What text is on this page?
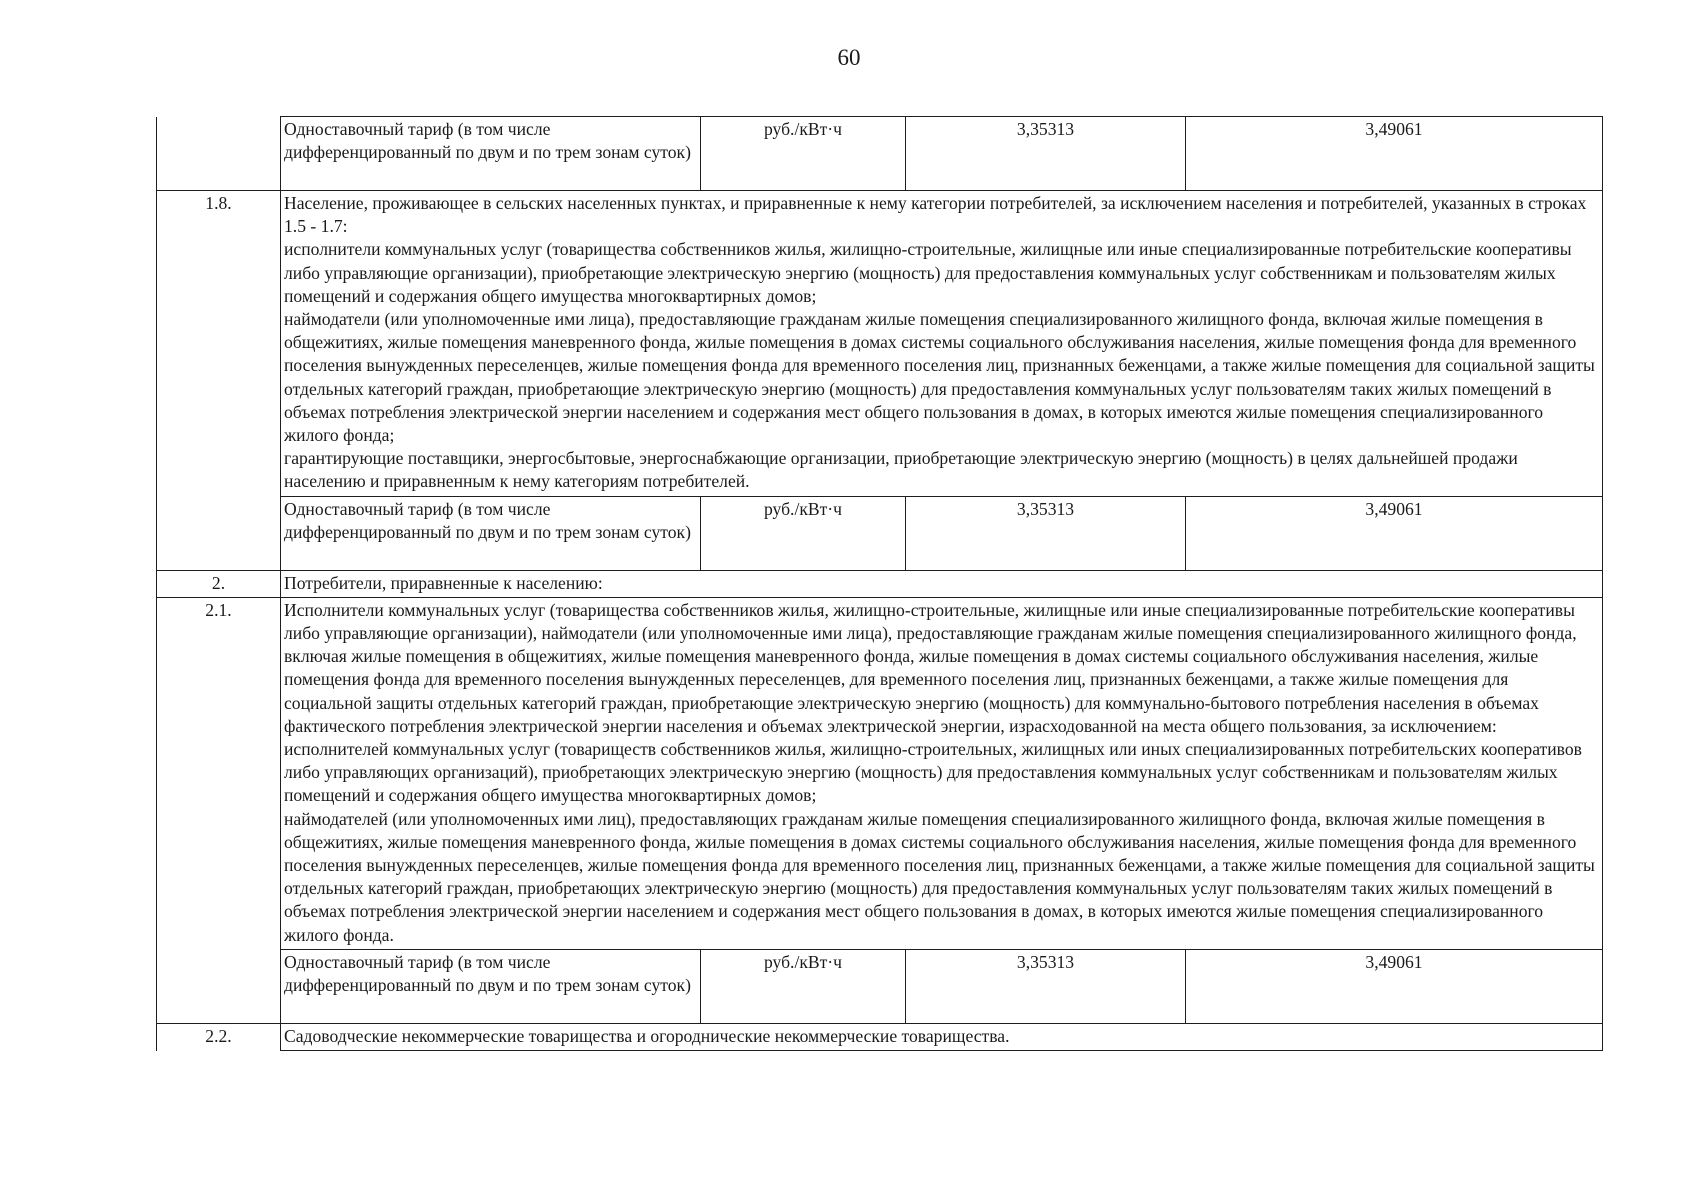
60
	Одноставочный тариф (в том числе дифференцированный по двум и по трем зонам суток)	руб./кВт·ч	3,35313	3,49061
1.8.	Население, проживающее в сельских населенных пунктах, и приравненные к нему категории потребителей, за исключением населения и потребителей, указанных в строках 1.5 - 1.7:

исполнители коммунальных услуг (товарищества собственников жилья, жилищно-строительные, жилищные или иные специализированные потребительские кооперативы либо управляющие организации), приобретающие электрическую энергию (мощность) для предоставления коммунальных услуг собственникам и пользователям жилых помещений и содержания общего имущества многоквартирных домов;

наймодатели (или уполномоченные ими лица), предоставляющие гражданам жилые помещения специализированного жилищного фонда, включая жилые помещения в общежитиях, жилые помещения маневренного фонда, жилые помещения в домах системы социального обслуживания населения, жилые помещения фонда для временного поселения вынужденных переселенцев, жилые помещения фонда для временного поселения лиц, признанных беженцами, а также жилые помещения для социальной защиты отдельных категорий граждан, приобретающие электрическую энергию (мощность) для предоставления коммунальных услуг пользователям таких жилых помещений в объемах потребления электрической энергии населением и содержания мест общего пользования в домах, в которых имеются жилые помещения специализированного жилого фонда;

гарантирующие поставщики, энергосбытовые, энергоснабжающие организации, приобретающие электрическую энергию (мощность) в целях дальнейшей продажи населению и приравненным к нему категориям потребителей.			

	Одноставочный тариф (в том числе дифференцированный по двум и по трем зонам суток)	руб./кВт·ч	3,35313	3,49061
2.	Потребители, приравненные к населению:			
2.1.	Исполнители коммунальных услуг (товарищества собственников жилья, жилищно-строительные, жилищные или иные специализированные потребительские кооперативы либо управляющие организации), наймодатели (или уполномоченные ими лица), предоставляющие гражданам жилые помещения специализированного жилищного фонда, включая жилые помещения в общежитиях, жилые помещения маневренного фонда, жилые помещения в домах системы социального обслуживания населения, жилые помещения фонда для временного поселения вынужденных переселенцев, для временного поселения лиц, признанных беженцами, а также жилые помещения для социальной защиты отдельных категорий граждан, приобретающие электрическую энергию (мощность) для коммунально-бытового потребления населения в объемах фактического потребления электрической энергии населения и объемах электрической энергии, израсходованной на места общего пользования, за исключением:

исполнителей коммунальных услуг (товариществ собственников жилья, жилищно-строительных, жилищных или иных специализированных потребительских кооперативов либо управляющих организаций), приобретающих электрическую энергию (мощность) для предоставления коммунальных услуг собственникам и пользователям жилых помещений и содержания общего имущества многоквартирных домов;

наймодателей (или уполномоченных ими лиц), предоставляющих гражданам жилые помещения специализированного жилищного фонда, включая жилые помещения в общежитиях, жилые помещения маневренного фонда, жилые помещения в домах системы социального обслуживания населения, жилые помещения фонда для временного поселения вынужденных переселенцев, жилые помещения фонда для временного поселения лиц, признанных беженцами, а также жилые помещения для социальной защиты отдельных категорий граждан, приобретающих электрическую энергию (мощность) для предоставления коммунальных услуг пользователям таких жилых помещений в объемах потребления электрической энергии населением и содержания мест общего пользования в домах, в которых имеются жилые помещения специализированного жилого фонда.			

	Одноставочный тариф (в том числе дифференцированный по двум и по трем зонам суток)	руб./кВт·ч	3,35313	3,49061
2.2.	Садоводческие некоммерческие товарищества и огороднические некоммерческие товарищества.			
